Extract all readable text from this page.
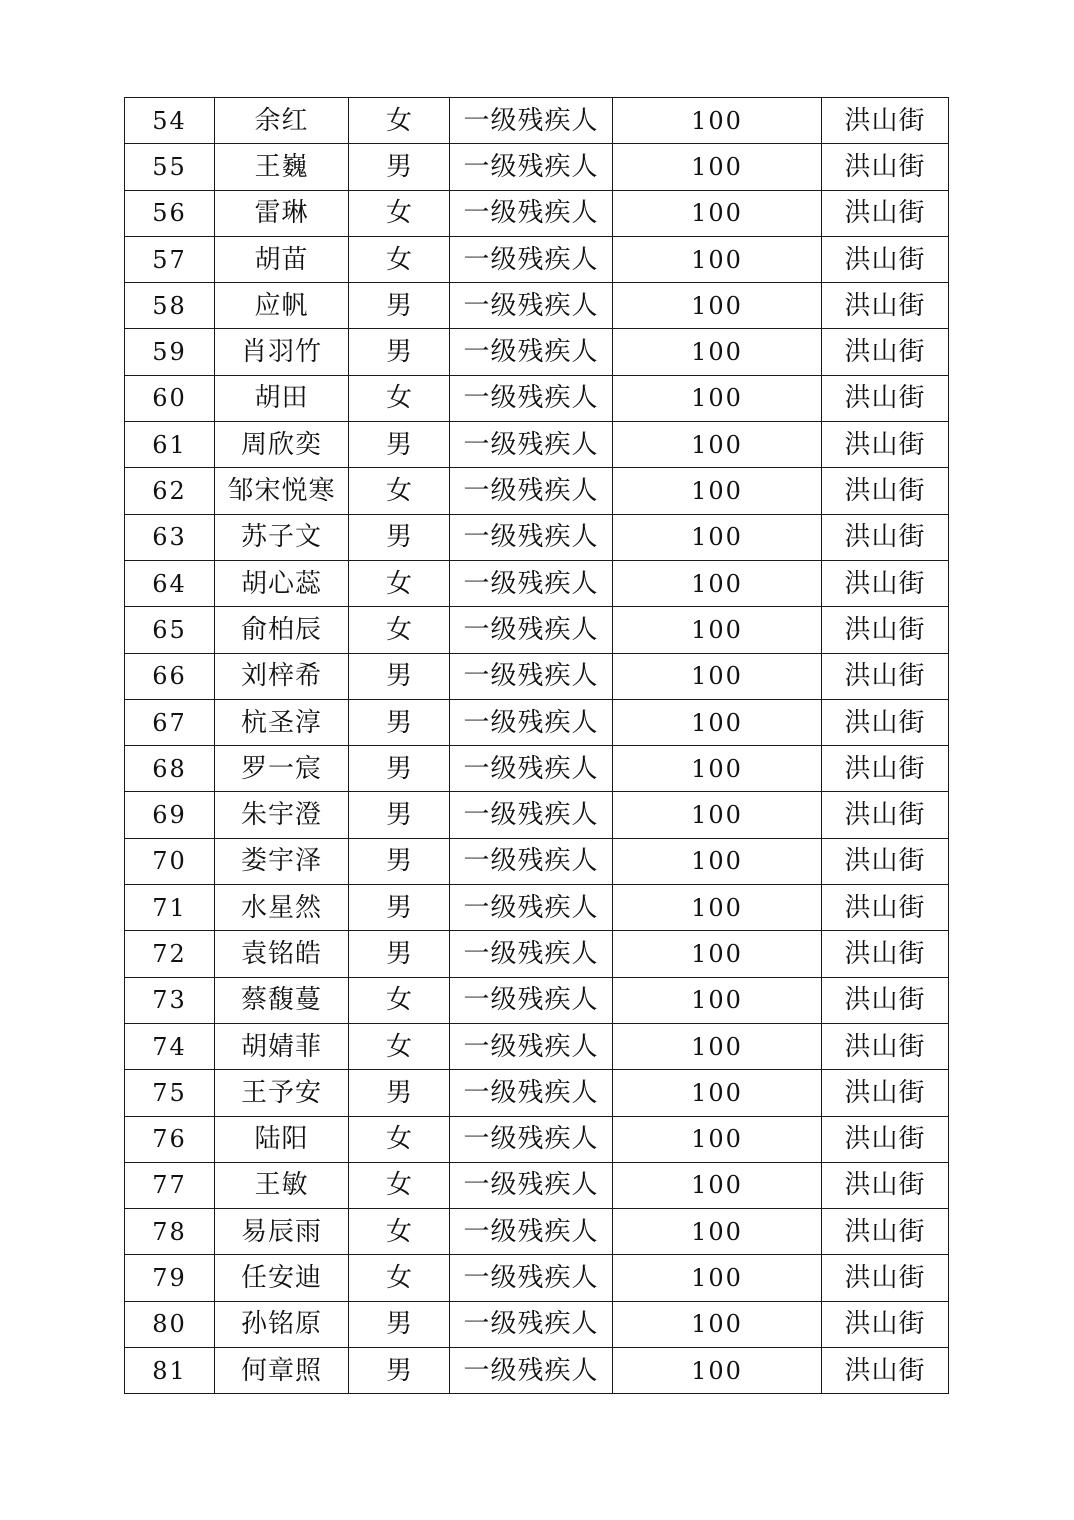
54	余红	女	一级残疾人	100	洪山街
55	王巍	男	一级残疾人	100	洪山街
56	雷琳	女	一级残疾人	100	洪山街
57	胡苗	女	一级残疾人	100	洪山街
58	应帆	男	一级残疾人	100	洪山街
59	肖羽竹	男	一级残疾人	100	洪山街
60	胡田	女	一级残疾人	100	洪山街
61	周欣奕	男	一级残疾人	100	洪山街
62	邹宋悦寒	女	一级残疾人	100	洪山街
63	苏子文	男	一级残疾人	100	洪山街
64	胡心蕊	女	一级残疾人	100	洪山街
65	俞柏辰	女	一级残疾人	100	洪山街
66	刘梓希	男	一级残疾人	100	洪山街
67	杭圣淳	男	一级残疾人	100	洪山街
68	罗一宸	男	一级残疾人	100	洪山街
69	朱宇澄	男	一级残疾人	100	洪山街
70	娄宇泽	男	一级残疾人	100	洪山街
71	水星然	男	一级残疾人	100	洪山街
72	袁铭皓	男	一级残疾人	100	洪山街
73	蔡馥蔓	女	一级残疾人	100	洪山街
74	胡婧菲	女	一级残疾人	100	洪山街
75	王予安	男	一级残疾人	100	洪山街
76	陆阳	女	一级残疾人	100	洪山街
77	王敏	女	一级残疾人	100	洪山街
78	易辰雨	女	一级残疾人	100	洪山街
79	任安迪	女	一级残疾人	100	洪山街
80	孙铭原	男	一级残疾人	100	洪山街
81	何章照	男	一级残疾人	100	洪山街
